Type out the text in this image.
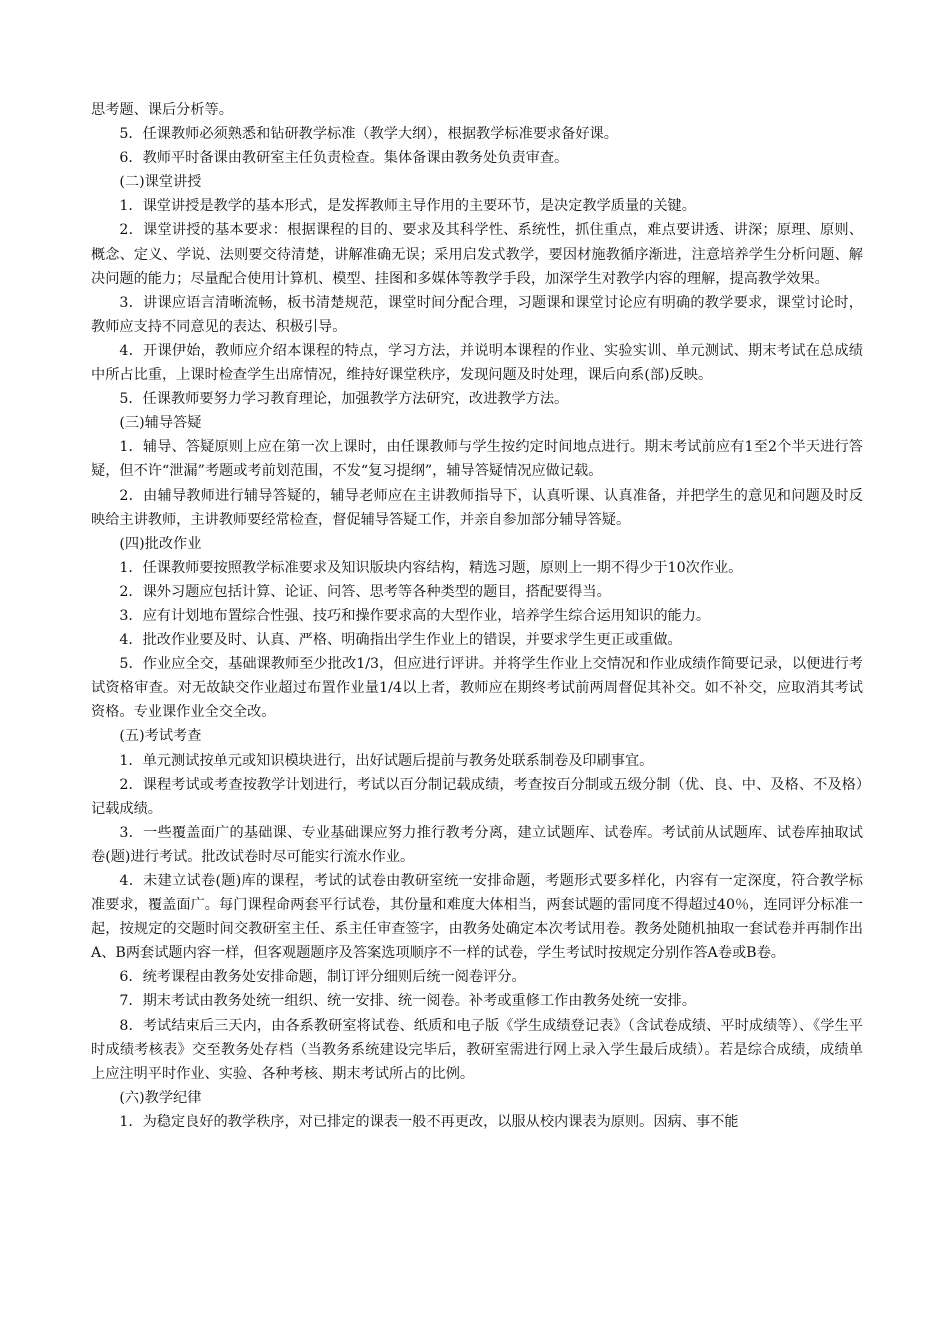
思考题、课后分析等。

5．任课教师必须熟悉和钻研教学标准（教学大纲），根据教学标准要求备好课。

6．教师平时备课由教研室主任负责检查。集体备课由教务处负责审查。

(二)课堂讲授

1．课堂讲授是教学的基本形式，是发挥教师主导作用的主要环节，是决定教学质量的关键。

2．课堂讲授的基本要求：根据课程的目的、要求及其科学性、系统性，抓住重点，难点要讲透、讲深；原理、原则、概念、定义、学说、法则要交待清楚，讲解准确无误；采用启发式教学，要因材施教循序渐进，注意培养学生分析问题、解决问题的能力；尽量配合使用计算机、模型、挂图和多媒体等教学手段，加深学生对教学内容的理解，提高教学效果。

3．讲课应语言清晰流畅，板书清楚规范，课堂时间分配合理，习题课和课堂讨论应有明确的教学要求，课堂讨论时，教师应支持不同意见的表达、积极引导。

4．开课伊始，教师应介绍本课程的特点，学习方法，并说明本课程的作业、实验实训、单元测试、期末考试在总成绩中所占比重，上课时检查学生出席情况，维持好课堂秩序，发现问题及时处理，课后向系(部)反映。

5．任课教师要努力学习教育理论，加强教学方法研究，改进教学方法。

(三)辅导答疑

1．辅导、答疑原则上应在第一次上课时，由任课教师与学生按约定时间地点进行。期末考试前应有1至2个半天进行答疑，但不许“泄漏”考题或考前划范围，不发“复习提纲”，辅导答疑情况应做记载。

2．由辅导教师进行辅导答疑的，辅导老师应在主讲教师指导下，认真听课、认真准备，并把学生的意见和问题及时反映给主讲教师，主讲教师要经常检查，督促辅导答疑工作，并亲自参加部分辅导答疑。

(四)批改作业

1．任课教师要按照教学标准要求及知识版块内容结构，精选习题，原则上一期不得少于10次作业。

2．课外习题应包括计算、论证、问答、思考等各种类型的题目，搭配要得当。

3．应有计划地布置综合性强、技巧和操作要求高的大型作业，培养学生综合运用知识的能力。

4．批改作业要及时、认真、严格、明确指出学生作业上的错误，并要求学生更正或重做。

5．作业应全交，基础课教师至少批改1/3，但应进行评讲。并将学生作业上交情况和作业成绩作简要记录，以便进行考试资格审查。对无故缺交作业超过布置作业量1/4以上者，教师应在期终考试前两周督促其补交。如不补交，应取消其考试资格。专业课作业全交全改。

(五)考试考查

1．单元测试按单元或知识模块进行，出好试题后提前与教务处联系制卷及印刷事宜。

2．课程考试或考查按教学计划进行，考试以百分制记载成绩，考查按百分制或五级分制（优、良、中、及格、不及格）记载成绩。

3．一些覆盖面广的基础课、专业基础课应努力推行教考分离，建立试题库、试卷库。考试前从试题库、试卷库抽取试卷(题)进行考试。批改试卷时尽可能实行流水作业。

4．未建立试卷(题)库的课程，考试的试卷由教研室统一安排命题，考题形式要多样化，内容有一定深度，符合教学标准要求，覆盖面广。每门课程命两套平行试卷，其份量和难度大体相当，两套试题的雷同度不得超过40％，连同评分标准一起，按规定的交题时间交教研室主任、系主任审查签字，由教务处确定本次考试用卷。教务处随机抽取一套试卷并再制作出A、B两套试题内容一样，但客观题题序及答案选项顺序不一样的试卷，学生考试时按规定分别作答A卷或B卷。

6．统考课程由教务处安排命题，制订评分细则后统一阅卷评分。

7．期末考试由教务处统一组织、统一安排、统一阅卷。补考或重修工作由教务处统一安排。

8．考试结束后三天内，由各系教研室将试卷、纸质和电子版《学生成绩登记表》（含试卷成绩、平时成绩等）、《学生平时成绩考核表》交至教务处存档（当教务系统建设完毕后，教研室需进行网上录入学生最后成绩）。若是综合成绩，成绩单上应注明平时作业、实验、各种考核、期末考试所占的比例。

(六)教学纪律

1．为稳定良好的教学秩序，对已排定的课表一般不再更改，以服从校内课表为原则。因病、事不能
